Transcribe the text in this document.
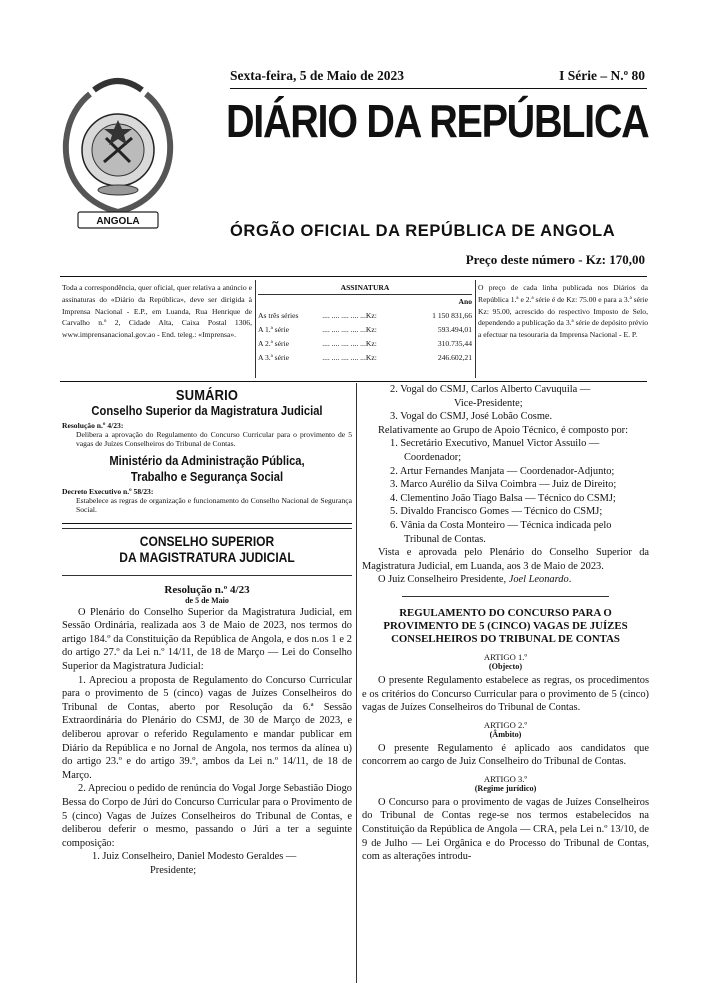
ANGOLA
Sexta-feira, 5 de Maio de 2023	I Série – N.º 80
DIÁRIO DA REPÚBLICA
ÓRGÃO OFICIAL DA REPÚBLICA DE ANGOLA
Preço deste número - Kz: 170,00
Toda a correspondência, quer oficial, quer relativa a anúncio e assinaturas do «Diário da República», deve ser dirigida à Imprensa Nacional - E.P., em Luanda, Rua Henrique de Carvalho n.º 2, Cidade Alta, Caixa Postal 1306, www.imprensanacional.gov.ao - End. teleg.: «Imprensa».
ASSINATURA
		Ano
As três séries	.... .... .... .... ...Kz:	1 150 831,66
A 1.ª série	.... .... .... .... ...Kz:	593.494,01
A 2.ª série	.... .... .... .... ...Kz:	310.735,44
A 3.ª série	.... .... .... .... ...Kz:	246.602,21
O preço de cada linha publicada nos Diários da República 1.ª e 2.ª série é de Kz: 75.00 e para a 3.ª série Kz: 95.00, acrescido do respectivo Imposto de Selo, dependendo a publicação da 3.ª série de depósito prévio a efectuar na tesouraria da Imprensa Nacional - E. P.
SUMÁRIO
Conselho Superior da Magistratura Judicial
Resolução n.º 4/23:
Delibera a aprovação do Regulamento do Concurso Curricular para o provimento de 5 vagas de Juízes Conselheiros do Tribunal de Contas.
Ministério da Administração Pública,
Trabalho e Segurança Social
Decreto Executivo n.º 58/23:
Estabelece as regras de organização e funcionamento do Conselho Nacional de Segurança Social.
CONSELHO SUPERIOR
DA MAGISTRATURA JUDICIAL
Resolução n.º 4/23
de 5 de Maio

O Plenário do Conselho Superior da Magistratura Judicial, em Sessão Ordinária, realizada aos 3 de Maio de 2023, nos termos do artigo 184.º da Constituição da República de Angola, e dos n.os 1 e 2 do artigo 27.º da Lei n.º 14/11, de 18 de Março — Lei do Conselho Superior da Magistratura Judicial:

1. Apreciou a proposta de Regulamento do Concurso Curricular para o provimento de 5 (cinco) vagas de Juízes Conselheiros do Tribunal de Contas, aberto por Resolução da 6.ª Sessão Extraordinária do Plenário do CSMJ, de 30 de Março de 2023, e deliberou aprovar o referido Regulamento e mandar publicar em Diário da República e no Jornal de Angola, nos termos da alínea u) do artigo 23.º e do artigo 39.º, ambos da Lei n.º 14/11, de 18 de Março.

2. Apreciou o pedido de renúncia do Vogal Jorge Sebastião Diogo Bessa do Corpo de Júri do Concurso Curricular para o Provimento de 5 (cinco) Vagas de Juízes Conselheiros do Tribunal de Contas, e deliberou deferir o mesmo, passando o Júri a ter a seguinte composição:

1. Juiz Conselheiro, Daniel Modesto Geraldes —

Presidente;

2. Vogal do CSMJ, Carlos Alberto Cavuquila —

Vice-Presidente;

3. Vogal do CSMJ, José Lobão Cosme.

Relativamente ao Grupo de Apoio Técnico, é composto por:

1. Secretário Executivo, Manuel Victor Assuilo —

Coordenador;

2. Artur Fernandes Manjata — Coordenador-Adjunto;

3. Marco Aurélio da Silva Coimbra — Juiz de Direito;

4. Clementino João Tiago Balsa — Técnico do CSMJ;

5. Divaldo Francisco Gomes — Técnico do CSMJ;

6. Vânia da Costa Monteiro — Técnica indicada pelo

Tribunal de Contas.

Vista e aprovada pelo Plenário do Conselho Superior da Magistratura Judicial, em Luanda, aos 3 de Maio de 2023.

O Juiz Conselheiro Presidente, Joel Leonardo.

REGULAMENTO DO CONCURSO PARA O PROVIMENTO DE 5 (CINCO) VAGAS DE JUÍZES CONSELHEIROS DO TRIBUNAL DE CONTAS
ARTIGO 1.º
(Objecto)

O presente Regulamento estabelece as regras, os procedimentos e os critérios do Concurso Curricular para o provimento de 5 (cinco) vagas de Juízes Conselheiros do Tribunal de Contas.

ARTIGO 2.º
(Âmbito)

O presente Regulamento é aplicado aos candidatos que concorrem ao cargo de Juiz Conselheiro do Tribunal de Contas.

ARTIGO 3.º
(Regime jurídico)

O Concurso para o provimento de vagas de Juízes Conselheiros do Tribunal de Contas rege-se nos termos estabelecidos na Constituição da República de Angola — CRA, pela Lei n.º 13/10, de 9 de Julho — Lei Orgânica e do Processo do Tribunal de Contas, com as alterações introdu-
